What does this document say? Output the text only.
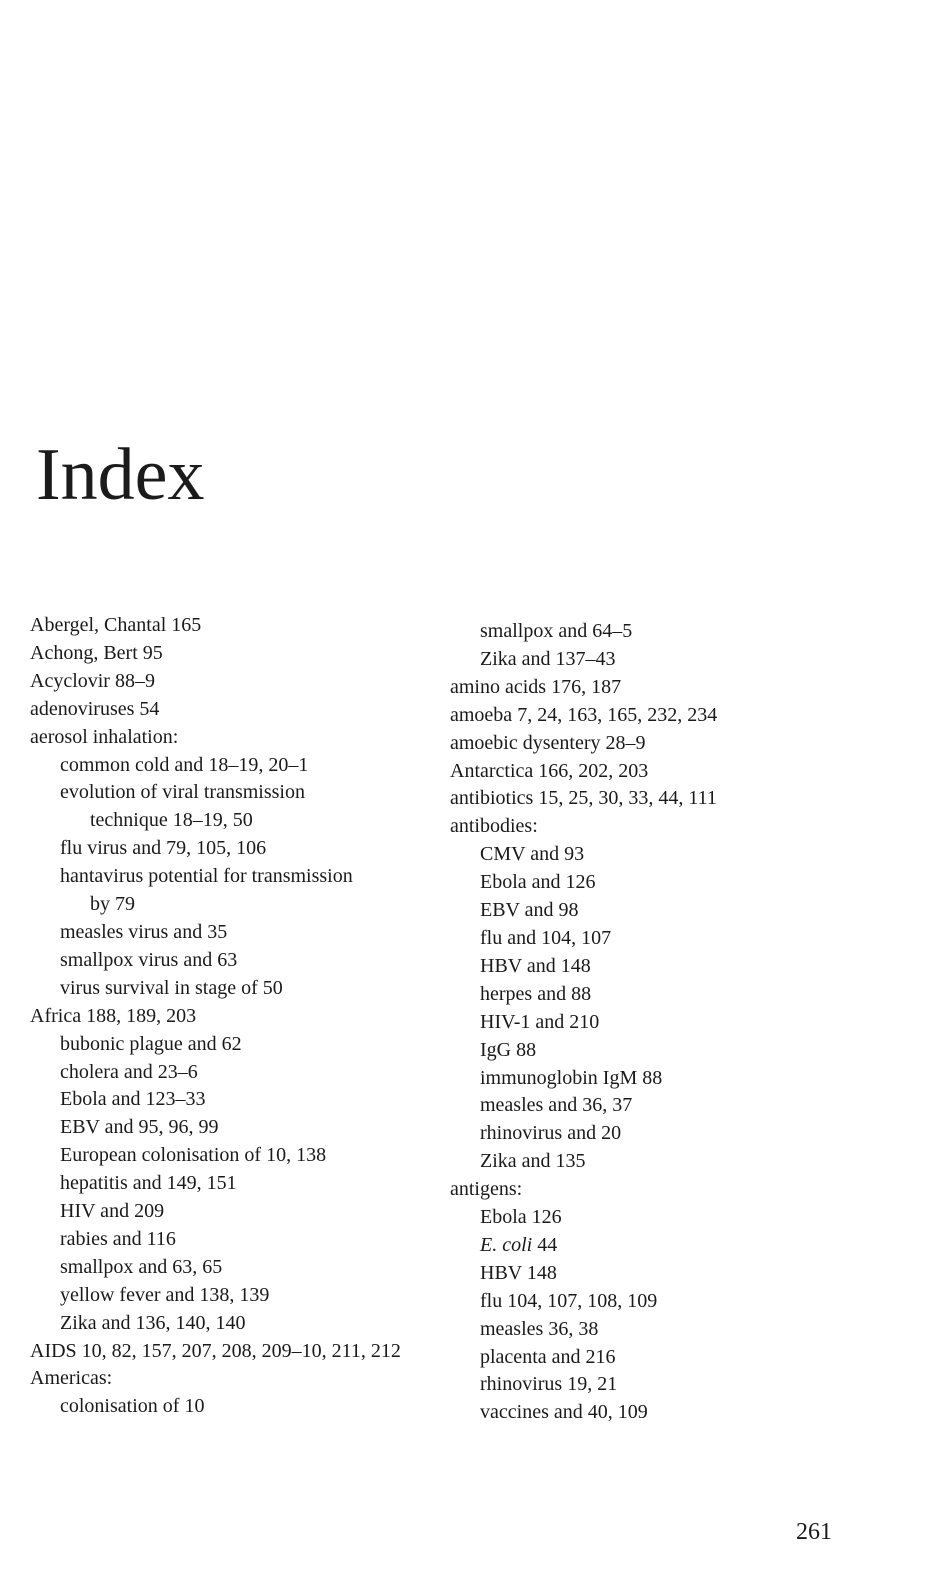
Index
Abergel, Chantal 165
Achong, Bert 95
Acyclovir 88–9
adenoviruses 54
aerosol inhalation:
common cold and 18–19, 20–1
evolution of viral transmission
technique 18–19, 50
flu virus and 79, 105, 106
hantavirus potential for transmission
by 79
measles virus and 35
smallpox virus and 63
virus survival in stage of 50
Africa 188, 189, 203
bubonic plague and 62
cholera and 23–6
Ebola and 123–33
EBV and 95, 96, 99
European colonisation of 10, 138
hepatitis and 149, 151
HIV and 209
rabies and 116
smallpox and 63, 65
yellow fever and 138, 139
Zika and 136, 140, 140
AIDS 10, 82, 157, 207, 208, 209–10, 211, 212
Americas:
colonisation of 10
smallpox and 64–5
Zika and 137–43
amino acids 176, 187
amoeba 7, 24, 163, 165, 232, 234
amoebic dysentery 28–9
Antarctica 166, 202, 203
antibiotics 15, 25, 30, 33, 44, 111
antibodies:
CMV and 93
Ebola and 126
EBV and 98
flu and 104, 107
HBV and 148
herpes and 88
HIV-1 and 210
IgG 88
immunoglobin IgM 88
measles and 36, 37
rhinovirus and 20
Zika and 135
antigens:
Ebola 126
E. coli 44
HBV 148
flu 104, 107, 108, 109
measles 36, 38
placenta and 216
rhinovirus 19, 21
vaccines and 40, 109
261
